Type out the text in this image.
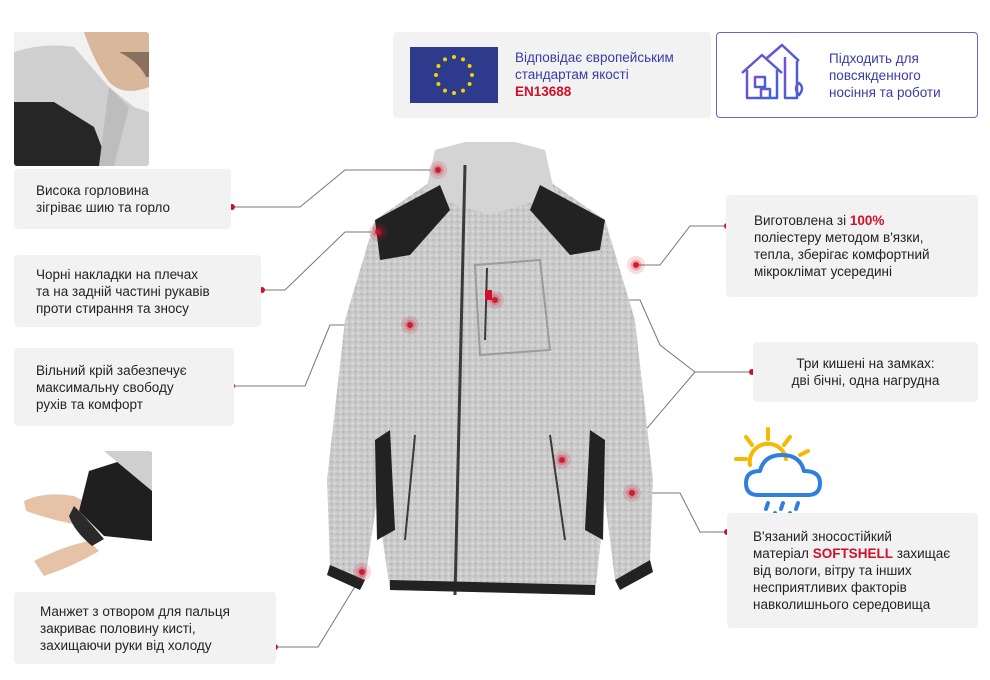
Відповідає європейським
стандартам якості
EN13688
Підходить для
повсякденного
носіння та роботи
Висока горловина
зігріває шию та горло
Чорні накладки на плечах
та на задній частині рукавів
проти стирання та зносу
Вільний крій забезпечує
максимальну свободу
рухів та комфорт
Манжет з отвором для пальця
закриває половину кисті,
захищаючи руки від холоду
Виготовлена зі 100%
поліестеру методом в'язки,
тепла, зберігає комфортний
мікроклімат усередині
Три кишені на замках:
дві бічні, одна нагрудна
В'язаний зносостійкий
матеріал SOFTSHELL захищає
від вологи, вітру та інших
несприятливих факторів
навколишнього середовища
